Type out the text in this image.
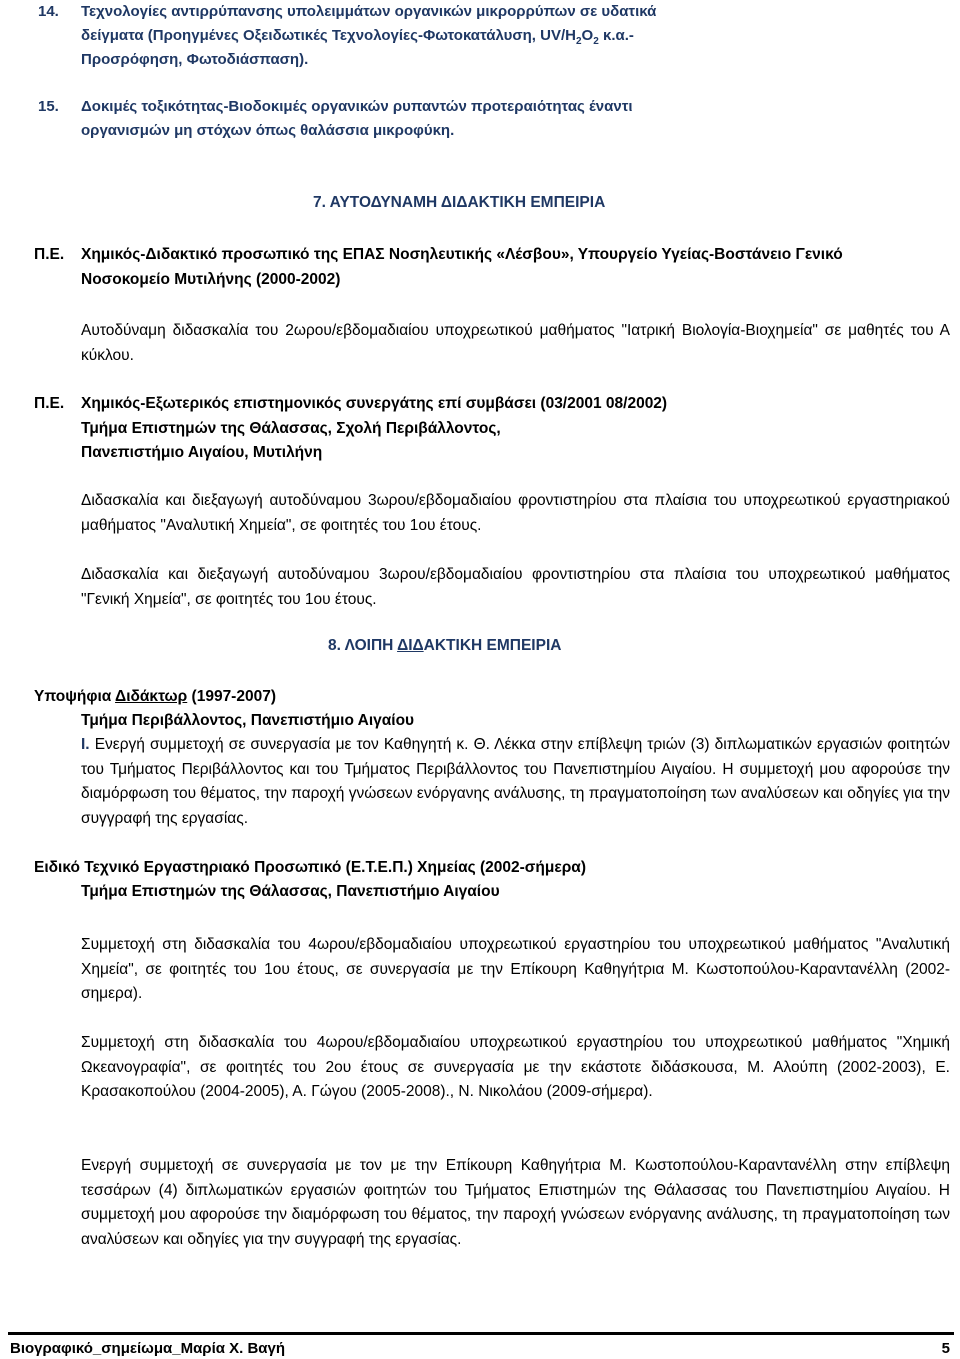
14. Τεχνολογίες αντιρρύπανσης υπολειμμάτων οργανικών μικρορρύπων σε υδατικά
δείγματα (Προηγμένες Οξειδωτικές Τεχνολογίες-Φωτοκατάλυση, $UV/H_2O_2$ κ.α.-
Προσρόφηση, Φωτοδιάσπαση).
15. Δοκιμές τοξικότητας-Βιοδοκιμές οργανικών ρυπαντών προτεραιότητας έναντι
οργανισμών μη στόχων όπως θαλάσσια μικροφύκη.
7. ΑΥΤΟΔΥΝΑΜΗ ΔΙΔΑΚΤΙΚΗ ΕΜΠΕΙΡΙΑ
Π.Ε. Χημικός-Διδακτικό προσωπικό της ΕΠΑΣ Νοσηλευτικής «Λέσβου», Υπουργείο Υγείας-Βοστάνειο Γενικό
Νοσοκομείο Μυτιλήνης (2000-2002)
Αυτοδύναμη διδασκαλία του 2ωρου/εβδομαδιαίου υποχρεωτικού μαθήματος "Ιατρική Βιολογία-Βιοχημεία" σε μαθητές του Α κύκλου.
Π.Ε. Χημικός-Εξωτερικός επιστημονικός συνεργάτης επί συμβάσει (03/2001 08/2002)
Τμήμα Επιστημών της Θάλασσας, Σχολή Περιβάλλοντος,
Πανεπιστήμιο Αιγαίου, Μυτιλήνη
Διδασκαλία και διεξαγωγή αυτοδύναμου 3ωρου/εβδομαδιαίου φροντιστηρίου στα πλαίσια του υποχρεωτικού εργαστηριακού μαθήματος "Αναλυτική Χημεία", σε φοιτητές του 1ου έτους.
Διδασκαλία και διεξαγωγή αυτοδύναμου 3ωρου/εβδομαδιαίου φροντιστηρίου στα πλαίσια του υποχρεωτικού μαθήματος "Γενική Χημεία", σε φοιτητές του 1ου έτους.
8. ΛΟΙΠΗ ΔΙΔΑΚΤΙΚΗ ΕΜΠΕΙΡΙΑ
Υποψήφια Διδάκτωρ (1997-2007)
Τμήμα Περιβάλλοντος, Πανεπιστήμιο Αιγαίου
Ι. Ενεργή συμμετοχή σε συνεργασία με τον Καθηγητή κ. Θ. Λέκκα στην επίβλεψη τριών (3) διπλωματικών εργασιών φοιτητών του Τμήματος Περιβάλλοντος και του Τμήματος Περιβάλλοντος του Πανεπιστημίου Αιγαίου. Η συμμετοχή μου αφορούσε την διαμόρφωση του θέματος, την παροχή γνώσεων ενόργανης ανάλυσης, τη πραγματοποίηση των αναλύσεων και οδηγίες για την συγγραφή της εργασίας.
Ειδικό Τεχνικό Εργαστηριακό Προσωπικό (Ε.Τ.Ε.Π.) Χημείας (2002-σήμερα)
Τμήμα Επιστημών της Θάλασσας, Πανεπιστήμιο Αιγαίου
Συμμετοχή στη διδασκαλία του 4ωρου/εβδομαδιαίου υποχρεωτικού εργαστηρίου του υποχρεωτικού μαθήματος "Αναλυτική Χημεία", σε φοιτητές του 1ου έτους, σε συνεργασία με την Επίκουρη Καθηγήτρια Μ. Κωστοπούλου-Καραντανέλλη (2002-σημερα).
Συμμετοχή στη διδασκαλία του 4ωρου/εβδομαδιαίου υποχρεωτικού εργαστηρίου του υποχρεωτικού μαθήματος "Χημική Ωκεανογραφία", σε φοιτητές του 2ου έτους σε συνεργασία με την εκάστοτε διδάσκουσα, Μ. Αλούπη (2002-2003), Ε. Κρασακοπούλου (2004-2005), Α. Γώγου (2005-2008)., Ν. Νικολάου (2009-σήμερα).
Ενεργή συμμετοχή σε συνεργασία με τον με την Επίκουρη Καθηγήτρια Μ. Κωστοπούλου-Καραντανέλλη στην επίβλεψη τεσσάρων (4) διπλωματικών εργασιών φοιτητών του Τμήματος Επιστημών της Θάλασσας του Πανεπιστημίου Αιγαίου. Η συμμετοχή μου αφορούσε την διαμόρφωση του θέματος, την παροχή γνώσεων ενόργανης ανάλυσης, τη πραγματοποίηση των αναλύσεων και οδηγίες για την συγγραφή της εργασίας.
Βιογραφικό_σημείωμα_Μαρία Χ. Βαγή	5
